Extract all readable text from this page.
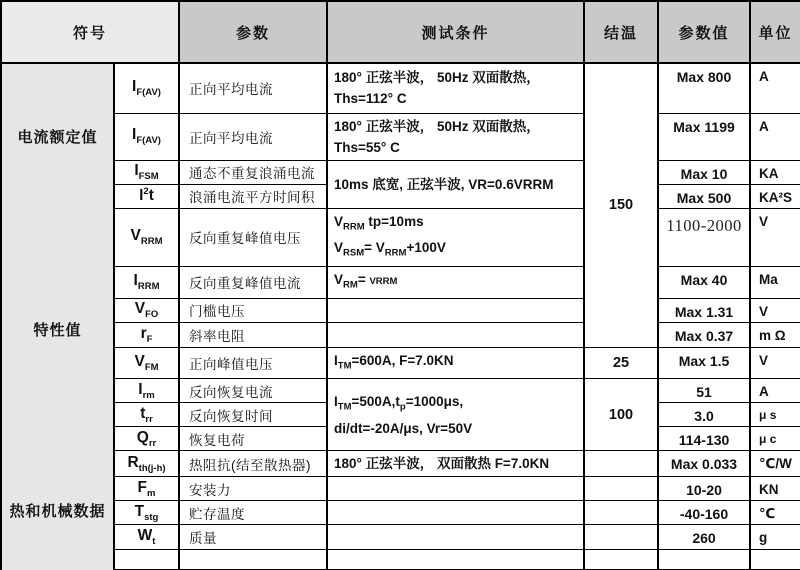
符号		参数	测试条件	结温	参数值	单位
电流额定值	$I_{F(AV)}$	正向平均电流	180° 正弦半波， 50Hz 双面散热，
Ths=112° C	150	Max 800	A
	$I_{F(AV)}$	正向平均电流	180° 正弦半波， 50Hz 双面散热，
Ths=55° C		Max 1199	A
	$I_{FSM}$	通态不重复浪涌电流	10ms 底宽, 正弦半波, VR=0.6VRRM		Max 10	KA
	$I^2t$	浪涌电流平方时间积			Max 500	KA²S
特性值	$V_{RRM}$	反向重复峰值电压	$V_{RRM}$ tp=10ms
$V_{RSM}= V_{RRM}+100V$		1100-2000	V
	$I_{RRM}$	反向重复峰值电流	$V_{RM}=$ VRRM		Max 40	Ma
	$V_{FO}$	门槛电压			Max 1.31	V
	$r_F$	斜率电阻			Max 0.37	m Ω
	$V_{FM}$	正向峰值电压	$I_{TM}=600A$, F=7.0KN	25	Max 1.5	V
	$I_{rm}$	反向恢复电流	$I_{TM}=500A,t_p=1000\mu s$,
di/dt=-20A/μs, Vr=50V	100	51	A
	$t_{rr}$	反向恢复时间			3.0	μ s
	$Q_{rr}$	恢复电荷			114-130	μ c
热和机械数据	$R_{th(j-h)}$	热阻抗(结至散热器)	180° 正弦半波， 双面散热 F=7.0KN		Max 0.033	℃/W
	$F_m$	安装力			10-20	KN
	$T_{stg}$	贮存温度			-40-160	℃
	$W_t$	质量			260	g
